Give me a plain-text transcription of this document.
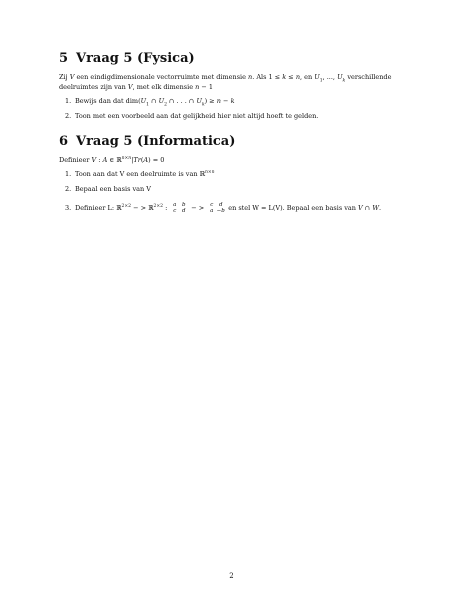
5 Vraag 5 (Fysica)

Zij V een eindigdimensionale vectorruimte met dimensie n. Als 1 ≤ k ≤ n, en $U_1$, ..., $U_k$ verschillende

deelruimtes zijn van V, met elk dimensie n − 1

1. Bewijs dan dat $dim(U_1$ ∩ $U_2$ ∩ . . . ∩ $U_k) \ge n - k$

2. Toon met een voorbeeld aan dat gelijkheid hier niet altijd hoeft te gelden.

6 Vraag 5 (Informatica)

Definieer V : A ∈ ℝ$^{n\times n}$|Tr(A) = 0

1. Toon aan dat V een deelruimte is van ℝ$^{n\times n}$

2. Bepaal een basis van V

3. Definieer L: ℝ$^{2\times 2}$ − > ℝ$^{2\times 2}$ : a b
c d − > c d
a −b en stel W = L(V). Bepaal een basis van V ∩ W.

2
